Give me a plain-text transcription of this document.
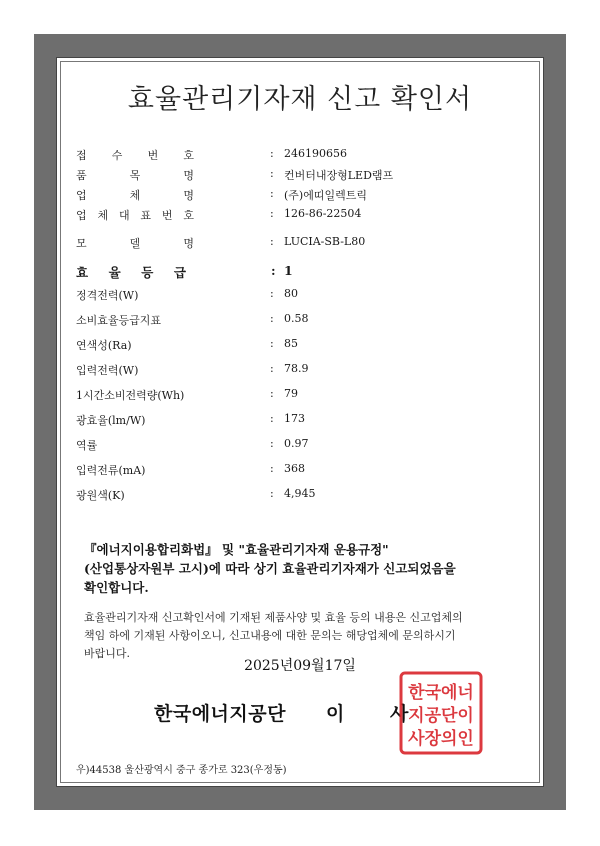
효율관리기자재 신고 확인서
접 수 번 호	: 246190656
품	목	명	: 컨버터내장형LED램프
업	체	명	: (주)에띠일렉트릭
업 체 대 표 번 호	: 126-86-22504
모	델	명	: LUCIA-SB-L80
효 율 등 급	: 1
정격전력(W)	: 80
소비효율등급지표	: 0.58
연색성(Ra)	: 85
입력전력(W)	: 78.9
1시간소비전력량(Wh)	: 79
광효율(lm/W)	: 173
역률	: 0.97
입력전류(mA)	: 368
광원색(K)	: 4,945
『에너지이용합리화법』 및 "효율관리기자재 운용규정"
(산업통상자원부 고시)에 따라 상기 효율관리기자재가 신고되었음을
확인합니다.
효율관리기자재 신고확인서에 기재된 제품사양 및 효율 등의 내용은 신고업체의
책임 하에 기재된 사항이오니, 신고내용에 대한 문의는 해당업체에 문의하시기
바랍니다.
2025년09월17일
한국에너지공단 이 사
한국에너
지공단이
사장의인
우)44538 울산광역시 중구 종가로 323(우정동)
